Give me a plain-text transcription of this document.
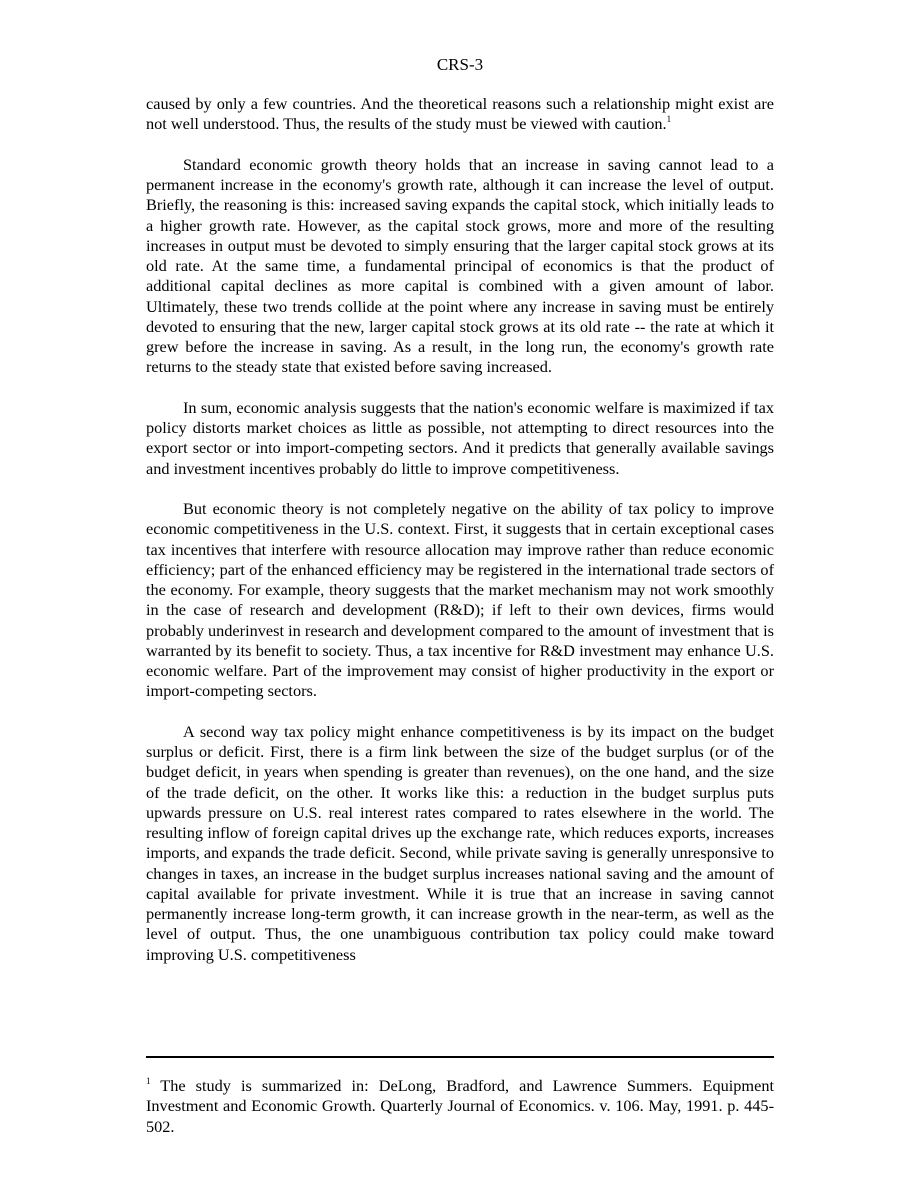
CRS-3

caused by only a few countries. And the theoretical reasons such a relationship might exist are not well understood. Thus, the results of the study must be viewed with caution.$^1$

Standard economic growth theory holds that an increase in saving cannot lead to a permanent increase in the economy's growth rate, although it can increase the level of output. Briefly, the reasoning is this: increased saving expands the capital stock, which initially leads to a higher growth rate. However, as the capital stock grows, more and more of the resulting increases in output must be devoted to simply ensuring that the larger capital stock grows at its old rate. At the same time, a fundamental principal of economics is that the product of additional capital declines as more capital is combined with a given amount of labor. Ultimately, these two trends collide at the point where any increase in saving must be entirely devoted to ensuring that the new, larger capital stock grows at its old rate -- the rate at which it grew before the increase in saving. As a result, in the long run, the economy's growth rate returns to the steady state that existed before saving increased.

In sum, economic analysis suggests that the nation's economic welfare is maximized if tax policy distorts market choices as little as possible, not attempting to direct resources into the export sector or into import-competing sectors. And it predicts that generally available savings and investment incentives probably do little to improve competitiveness.

But economic theory is not completely negative on the ability of tax policy to improve economic competitiveness in the U.S. context. First, it suggests that in certain exceptional cases tax incentives that interfere with resource allocation may improve rather than reduce economic efficiency; part of the enhanced efficiency may be registered in the international trade sectors of the economy. For example, theory suggests that the market mechanism may not work smoothly in the case of research and development (R&D); if left to their own devices, firms would probably underinvest in research and development compared to the amount of investment that is warranted by its benefit to society. Thus, a tax incentive for R&D investment may enhance U.S. economic welfare. Part of the improvement may consist of higher productivity in the export or import-competing sectors.

A second way tax policy might enhance competitiveness is by its impact on the budget surplus or deficit. First, there is a firm link between the size of the budget surplus (or of the budget deficit, in years when spending is greater than revenues), on the one hand, and the size of the trade deficit, on the other. It works like this: a reduction in the budget surplus puts upwards pressure on U.S. real interest rates compared to rates elsewhere in the world. The resulting inflow of foreign capital drives up the exchange rate, which reduces exports, increases imports, and expands the trade deficit. Second, while private saving is generally unresponsive to changes in taxes, an increase in the budget surplus increases national saving and the amount of capital available for private investment. While it is true that an increase in saving cannot permanently increase long-term growth, it can increase growth in the near-term, as well as the level of output. Thus, the one unambiguous contribution tax policy could make toward improving U.S. competitiveness

$^1$ The study is summarized in: DeLong, Bradford, and Lawrence Summers. Equipment Investment and Economic Growth. Quarterly Journal of Economics. v. 106. May, 1991. p. 445-502.
